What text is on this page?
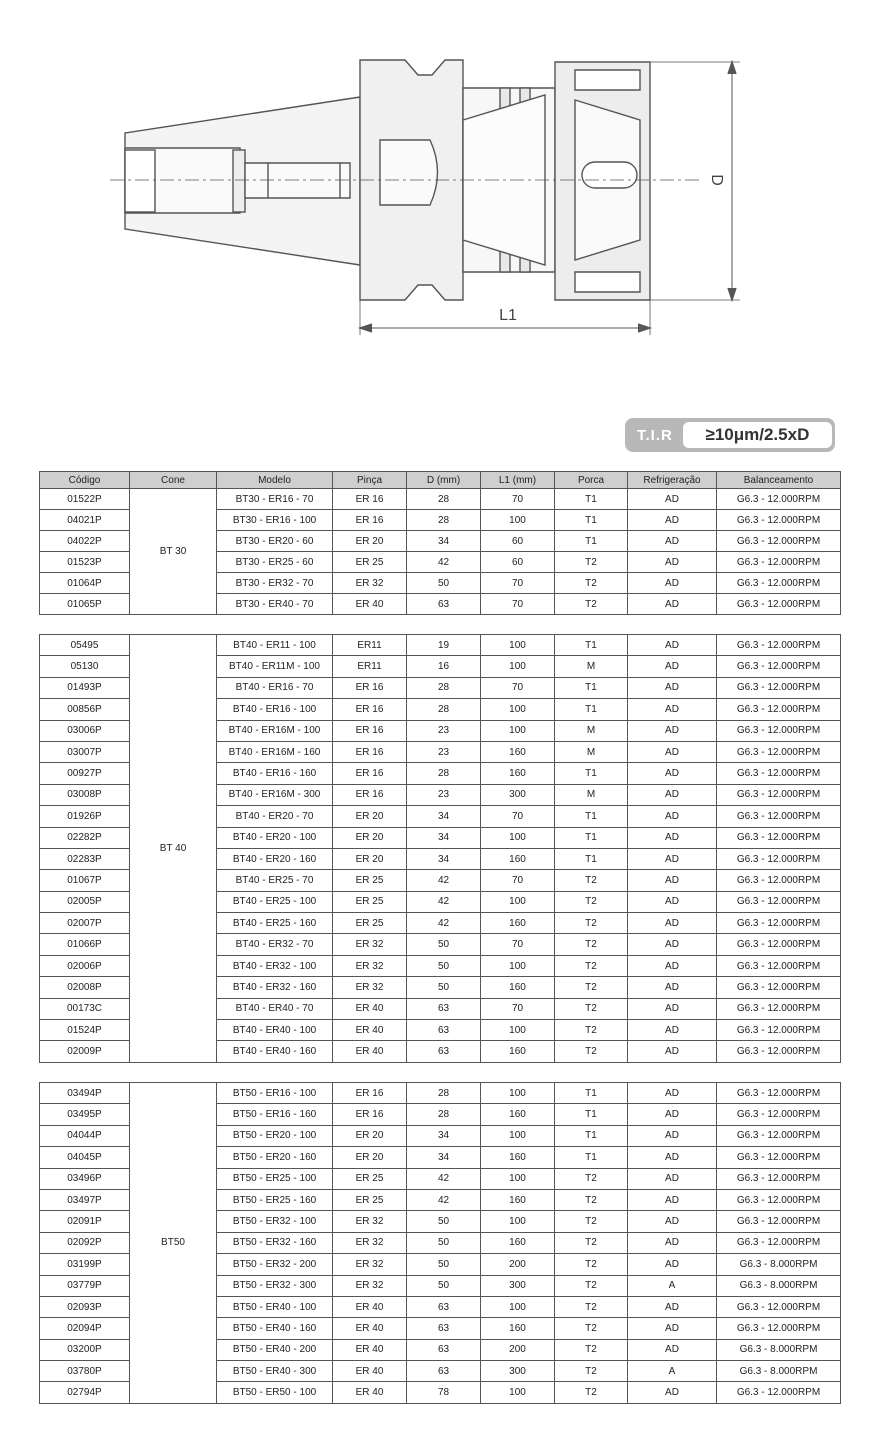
L1
D
T.I.R	≥10μm/2.5xD
Código	Cone	Modelo	Pinça	D (mm)	L1 (mm)	Porca	Refrigeração	Balanceamento
01522P	BT 30	BT30 - ER16 - 70	ER 16	28	70	T1	AD	G6.3 - 12.000RPM
04021P		BT30 - ER16 - 100	ER 16	28	100	T1	AD	G6.3 - 12.000RPM
04022P		BT30 - ER20 - 60	ER 20	34	60	T1	AD	G6.3 - 12.000RPM
01523P		BT30 - ER25 - 60	ER 25	42	60	T2	AD	G6.3 - 12.000RPM
01064P		BT30 - ER32 - 70	ER 32	50	70	T2	AD	G6.3 - 12.000RPM
01065P		BT30 - ER40 - 70	ER 40	63	70	T2	AD	G6.3 - 12.000RPM
05495	BT 40	BT40 - ER11 - 100	ER11	19	100	T1	AD	G6.3 - 12.000RPM
05130		BT40 - ER11M - 100	ER11	16	100	M	AD	G6.3 - 12.000RPM
01493P		BT40 - ER16 - 70	ER 16	28	70	T1	AD	G6.3 - 12.000RPM
00856P		BT40 - ER16 - 100	ER 16	28	100	T1	AD	G6.3 - 12.000RPM
03006P		BT40 - ER16M - 100	ER 16	23	100	M	AD	G6.3 - 12.000RPM
03007P		BT40 - ER16M - 160	ER 16	23	160	M	AD	G6.3 - 12.000RPM
00927P		BT40 - ER16 - 160	ER 16	28	160	T1	AD	G6.3 - 12.000RPM
03008P		BT40 - ER16M - 300	ER 16	23	300	M	AD	G6.3 - 12.000RPM
01926P		BT40 - ER20 - 70	ER 20	34	70	T1	AD	G6.3 - 12.000RPM
02282P		BT40 - ER20 - 100	ER 20	34	100	T1	AD	G6.3 - 12.000RPM
02283P		BT40 - ER20 - 160	ER 20	34	160	T1	AD	G6.3 - 12.000RPM
01067P		BT40 - ER25 - 70	ER 25	42	70	T2	AD	G6.3 - 12.000RPM
02005P		BT40 - ER25 - 100	ER 25	42	100	T2	AD	G6.3 - 12.000RPM
02007P		BT40 - ER25 - 160	ER 25	42	160	T2	AD	G6.3 - 12.000RPM
01066P		BT40 - ER32 - 70	ER 32	50	70	T2	AD	G6.3 - 12.000RPM
02006P		BT40 - ER32 - 100	ER 32	50	100	T2	AD	G6.3 - 12.000RPM
02008P		BT40 - ER32 - 160	ER 32	50	160	T2	AD	G6.3 - 12.000RPM
00173C		BT40 - ER40 - 70	ER 40	63	70	T2	AD	G6.3 - 12.000RPM
01524P		BT40 - ER40 - 100	ER 40	63	100	T2	AD	G6.3 - 12.000RPM
02009P		BT40 - ER40 - 160	ER 40	63	160	T2	AD	G6.3 - 12.000RPM
03494P	BT50	BT50 - ER16 - 100	ER 16	28	100	T1	AD	G6.3 - 12.000RPM
03495P		BT50 - ER16 - 160	ER 16	28	160	T1	AD	G6.3 - 12.000RPM
04044P		BT50 - ER20 - 100	ER 20	34	100	T1	AD	G6.3 - 12.000RPM
04045P		BT50 - ER20 - 160	ER 20	34	160	T1	AD	G6.3 - 12.000RPM
03496P		BT50 - ER25 - 100	ER 25	42	100	T2	AD	G6.3 - 12.000RPM
03497P		BT50 - ER25 - 160	ER 25	42	160	T2	AD	G6.3 - 12.000RPM
02091P		BT50 - ER32 - 100	ER 32	50	100	T2	AD	G6.3 - 12.000RPM
02092P		BT50 - ER32 - 160	ER 32	50	160	T2	AD	G6.3 - 12.000RPM
03199P		BT50 - ER32 - 200	ER 32	50	200	T2	AD	G6.3 - 8.000RPM
03779P		BT50 - ER32 - 300	ER 32	50	300	T2	A	G6.3 - 8.000RPM
02093P		BT50 - ER40 - 100	ER 40	63	100	T2	AD	G6.3 - 12.000RPM
02094P		BT50 - ER40 - 160	ER 40	63	160	T2	AD	G6.3 - 12.000RPM
03200P		BT50 - ER40 - 200	ER 40	63	200	T2	AD	G6.3 - 8.000RPM
03780P		BT50 - ER40 - 300	ER 40	63	300	T2	A	G6.3 - 8.000RPM
02794P		BT50 - ER50 - 100	ER 40	78	100	T2	AD	G6.3 - 12.000RPM
